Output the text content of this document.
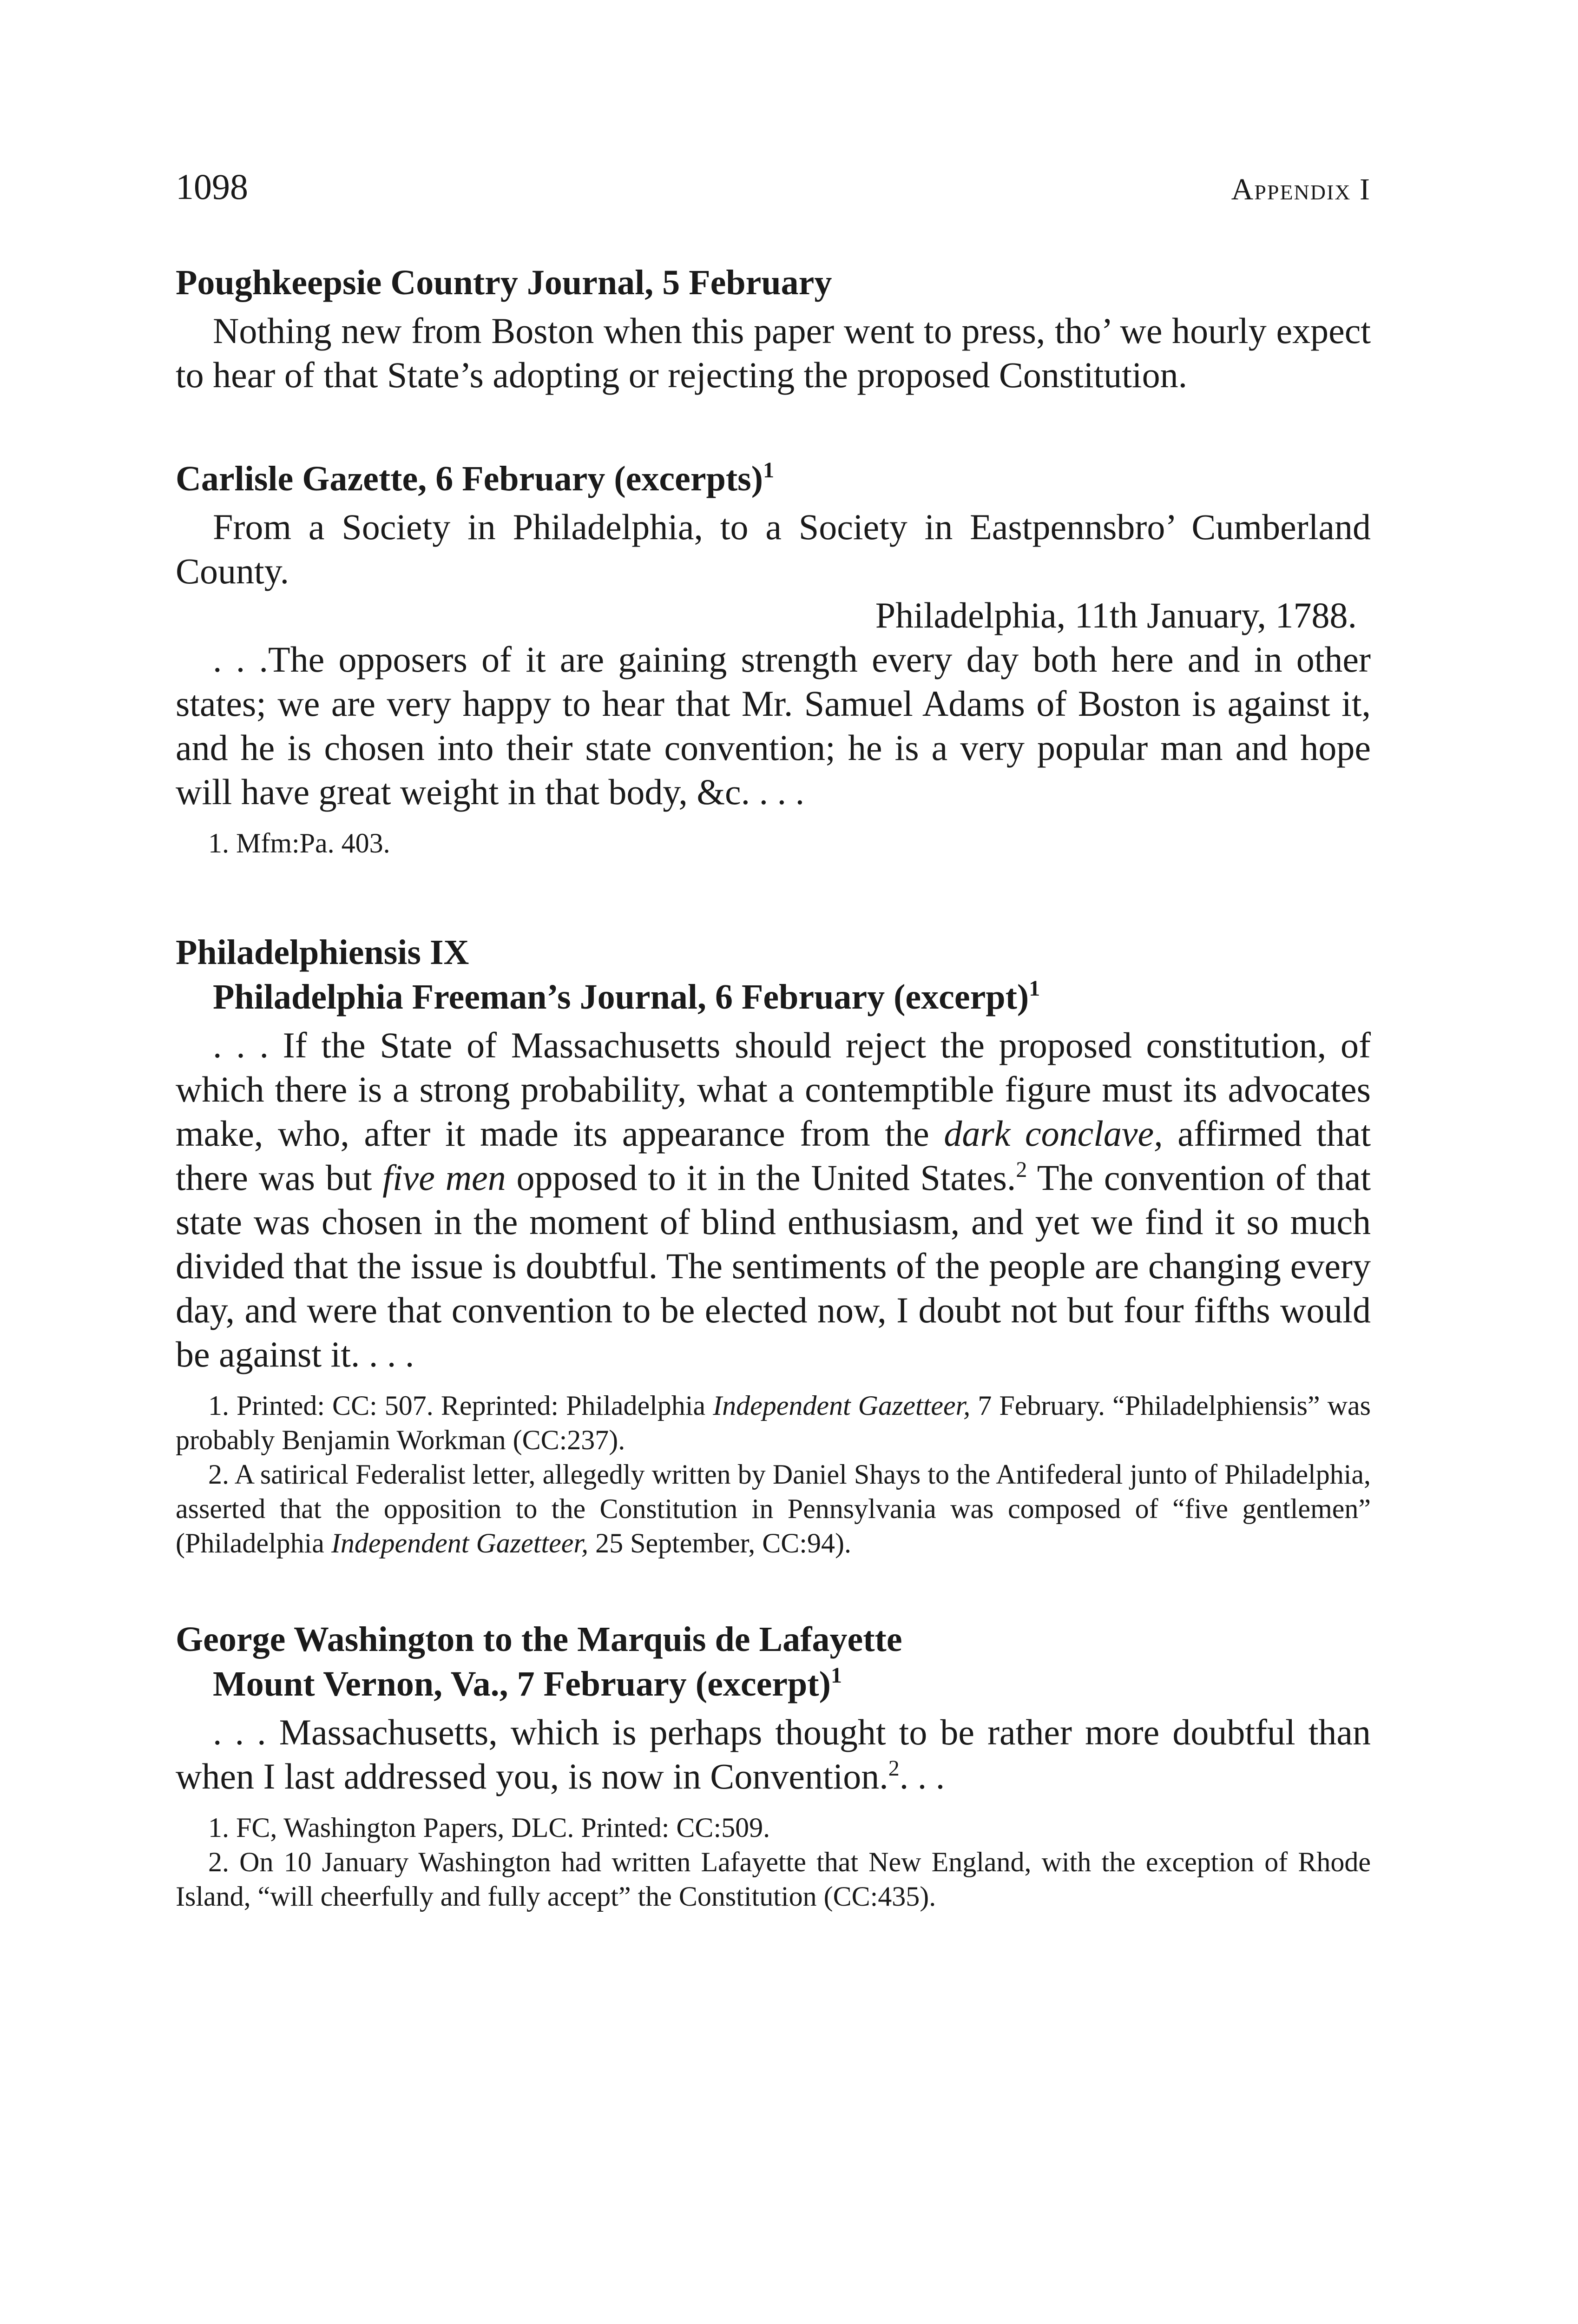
1098	Appendix I

Poughkeepsie Country Journal, 5 February

Nothing new from Boston when this paper went to press, tho’ we hourly expect to hear of that State’s adopting or rejecting the proposed Constitution.

Carlisle Gazette, 6 February (excerpts)$^1$

From a Society in Philadelphia, to a Society in Eastpennsbro’ Cumberland County.

Philadelphia, 11th January, 1788.

. . .The opposers of it are gaining strength every day both here and in other states; we are very happy to hear that Mr. Samuel Adams of Boston is against it, and he is chosen into their state convention; he is a very popular man and hope will have great weight in that body, &c. . . .

1. Mfm:Pa. 403.

Philadelphiensis IX

Philadelphia Freeman’s Journal, 6 February (excerpt)$^1$

. . . If the State of Massachusetts should reject the proposed constitution, of which there is a strong probability, what a contemptible figure must its advocates make, who, after it made its appearance from the dark conclave, affirmed that there was but five men opposed to it in the United States.$^2$ The convention of that state was chosen in the moment of blind enthusiasm, and yet we find it so much divided that the issue is doubtful. The sentiments of the people are changing every day, and were that convention to be elected now, I doubt not but four fifths would be against it. . . .

1. Printed: CC: 507. Reprinted: Philadelphia Independent Gazetteer, 7 February. “Philadelphiensis” was probably Benjamin Workman (CC:237).

2. A satirical Federalist letter, allegedly written by Daniel Shays to the Antifederal junto of Philadelphia, asserted that the opposition to the Constitution in Pennsylvania was composed of “five gentlemen” (Philadelphia Independent Gazetteer, 25 September, CC:94).

George Washington to the Marquis de Lafayette

Mount Vernon, Va., 7 February (excerpt)$^1$

. . . Massachusetts, which is perhaps thought to be rather more doubtful than when I last addressed you, is now in Convention.$^2$. . .

1. FC, Washington Papers, DLC. Printed: CC:509.

2. On 10 January Washington had written Lafayette that New England, with the exception of Rhode Island, “will cheerfully and fully accept” the Constitution (CC:435).
